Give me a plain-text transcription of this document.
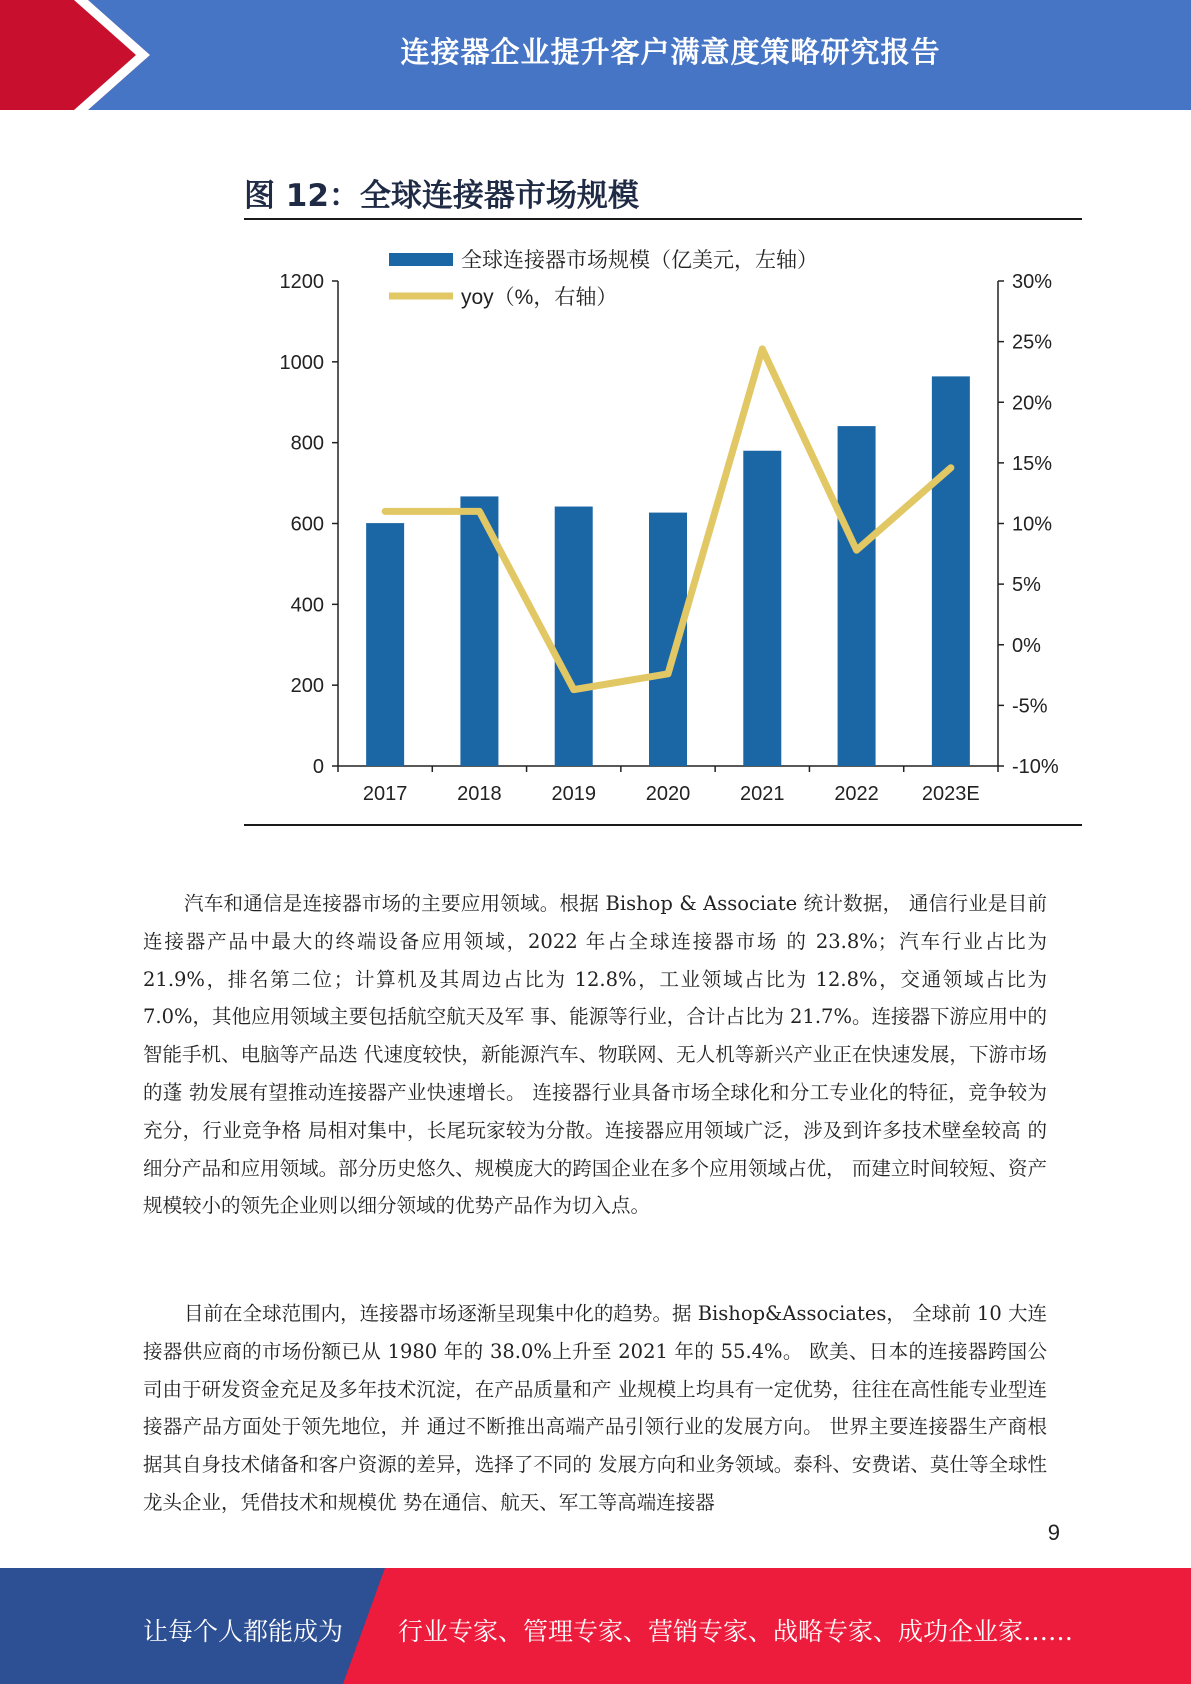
连接器企业提升客户满意度策略研究报告
图 12：全球连接器市场规模
全球连接器市场规模（亿美元，左轴）
yoy（%，右轴）
0
200
400
600
800
1000
1200
-10%
-5%
0%
5%
10%
15%
20%
25%
30%
2017 2018 2019 2020 2021 2022 2023E

汽车和通信是连接器市场的主要应用领域。根据 Bishop & Associate 统计数据， 通信行业是目前连接器产品中最大的终端设备应用领域，2022 年占全球连接器市场 的 23.8%；汽车行业占比为 21.9%，排名第二位；计算机及其周边占比为 12.8%，工业领域占比为 12.8%，交通领域占比为 7.0%，其他应用领域主要包括航空航天及军 事、能源等行业，合计占比为 21.7%。连接器下游应用中的智能手机、电脑等产品迭 代速度较快，新能源汽车、物联网、无人机等新兴产业正在快速发展，下游市场的蓬 勃发展有望推动连接器产业快速增长。 连接器行业具备市场全球化和分工专业化的特征，竞争较为充分，行业竞争格 局相对集中，长尾玩家较为分散。连接器应用领域广泛，涉及到许多技术壁垒较高 的细分产品和应用领域。部分历史悠久、规模庞大的跨国企业在多个应用领域占优， 而建立时间较短、资产规模较小的领先企业则以细分领域的优势产品作为切入点。

目前在全球范围内，连接器市场逐渐呈现集中化的趋势。据 Bishop&Associates， 全球前 10 大连接器供应商的市场份额已从 1980 年的 38.0%上升至 2021 年的 55.4%。 欧美、日本的连接器跨国公司由于研发资金充足及多年技术沉淀，在产品质量和产 业规模上均具有一定优势，往往在高性能专业型连接器产品方面处于领先地位，并 通过不断推出高端产品引领行业的发展方向。 世界主要连接器生产商根据其自身技术储备和客户资源的差异，选择了不同的 发展方向和业务领域。泰科、安费诺、莫仕等全球性龙头企业，凭借技术和规模优 势在通信、航天、军工等高端连接器

9
让每个人都能成为 行业专家、管理专家、营销专家、战略专家、成功企业家……
